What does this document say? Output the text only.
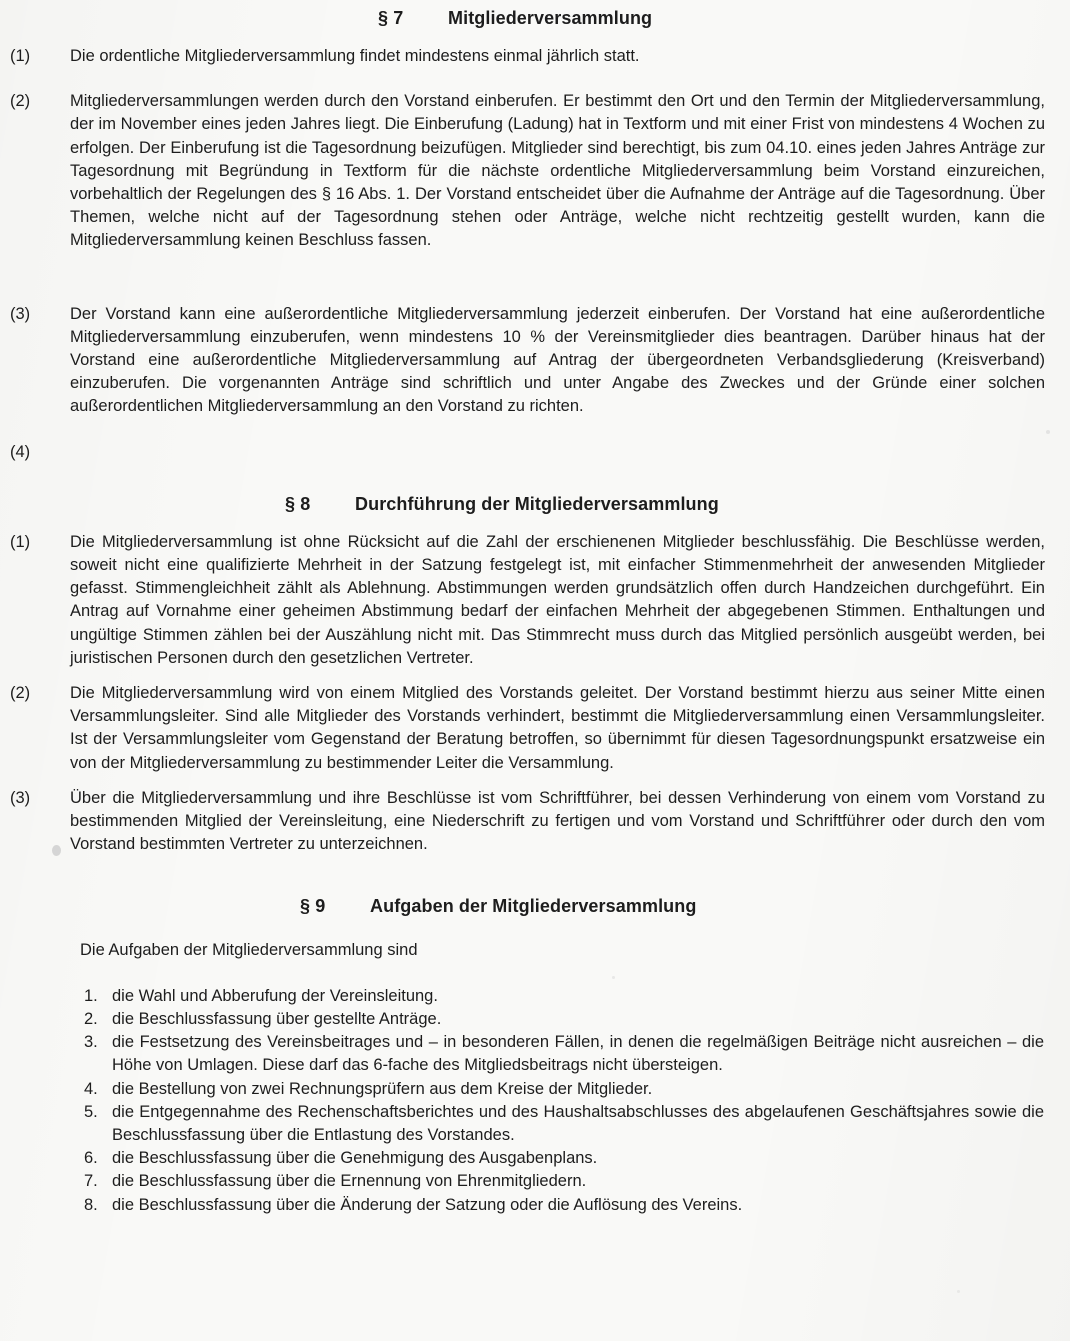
§ 7 Mitgliederversammlung
(1)	Die ordentliche Mitgliederversammlung findet mindestens einmal jährlich statt.
(2)	Mitgliederversammlungen werden durch den Vorstand einberufen. Er bestimmt den Ort und den Termin der Mitgliederversammlung, der im November eines jeden Jahres liegt. Die Einberufung (Ladung) hat in Textform und mit einer Frist von mindestens 4 Wochen zu erfolgen. Der Einberufung ist die Tagesordnung beizufügen. Mitglieder sind berechtigt, bis zum 04.10. eines jeden Jahres Anträge zur Tagesordnung mit Begründung in Textform für die nächste ordentliche Mitgliederversammlung beim Vorstand einzureichen, vorbehaltlich der Regelungen des § 16 Abs. 1. Der Vorstand entscheidet über die Aufnahme der Anträge auf die Tagesordnung. Über Themen, welche nicht auf der Tagesordnung stehen oder Anträge, welche nicht rechtzeitig gestellt wurden, kann die Mitgliederversammlung keinen Beschluss fassen.
(3)	Der Vorstand kann eine außerordentliche Mitgliederversammlung jederzeit einberufen. Der Vorstand hat eine außerordentliche Mitgliederversammlung einzuberufen, wenn mindestens 10 % der Vereinsmitglieder dies beantragen. Darüber hinaus hat der Vorstand eine außerordentliche Mitgliederversammlung auf Antrag der übergeordneten Verbandsgliederung (Kreisverband) einzuberufen. Die vorgenannten Anträge sind schriftlich und unter Angabe des Zweckes und der Gründe einer solchen außerordentlichen Mitgliederversammlung an den Vorstand zu richten.
(4)
§ 8 Durchführung der Mitgliederversammlung
(1)	Die Mitgliederversammlung ist ohne Rücksicht auf die Zahl der erschienenen Mitglieder beschlussfähig. Die Beschlüsse werden, soweit nicht eine qualifizierte Mehrheit in der Satzung festgelegt ist, mit einfacher Stimmenmehrheit der anwesenden Mitglieder gefasst. Stimmengleichheit zählt als Ablehnung. Abstimmungen werden grundsätzlich offen durch Handzeichen durchgeführt. Ein Antrag auf Vornahme einer geheimen Abstimmung bedarf der einfachen Mehrheit der abgegebenen Stimmen. Enthaltungen und ungültige Stimmen zählen bei der Auszählung nicht mit. Das Stimmrecht muss durch das Mitglied persönlich ausgeübt werden, bei juristischen Personen durch den gesetzlichen Vertreter.
(2)	Die Mitgliederversammlung wird von einem Mitglied des Vorstands geleitet. Der Vorstand bestimmt hierzu aus seiner Mitte einen Versammlungsleiter. Sind alle Mitglieder des Vorstands verhindert, bestimmt die Mitgliederversammlung einen Versammlungsleiter. Ist der Versammlungsleiter vom Gegenstand der Beratung betroffen, so übernimmt für diesen Tagesordnungspunkt ersatzweise ein von der Mitgliederversammlung zu bestimmender Leiter die Versammlung.
(3)	Über die Mitgliederversammlung und ihre Beschlüsse ist vom Schriftführer, bei dessen Verhinderung von einem vom Vorstand zu bestimmenden Mitglied der Vereinsleitung, eine Niederschrift zu fertigen und vom Vorstand und Schriftführer oder durch den vom Vorstand bestimmten Vertreter zu unterzeichnen.
§ 9 Aufgaben der Mitgliederversammlung
Die Aufgaben der Mitgliederversammlung sind
1. die Wahl und Abberufung der Vereinsleitung.
2. die Beschlussfassung über gestellte Anträge.
3. die Festsetzung des Vereinsbeitrages und – in besonderen Fällen, in denen die regelmäßigen Beiträge nicht ausreichen – die Höhe von Umlagen. Diese darf das 6-fache des Mitgliedsbeitrags nicht übersteigen.
4. die Bestellung von zwei Rechnungsprüfern aus dem Kreise der Mitglieder.
5. die Entgegennahme des Rechenschaftsberichtes und des Haushaltsabschlusses des abgelaufenen Geschäftsjahres sowie die Beschlussfassung über die Entlastung des Vorstandes.
6. die Beschlussfassung über die Genehmigung des Ausgabenplans.
7. die Beschlussfassung über die Ernennung von Ehrenmitgliedern.
8. die Beschlussfassung über die Änderung der Satzung oder die Auflösung des Vereins.
